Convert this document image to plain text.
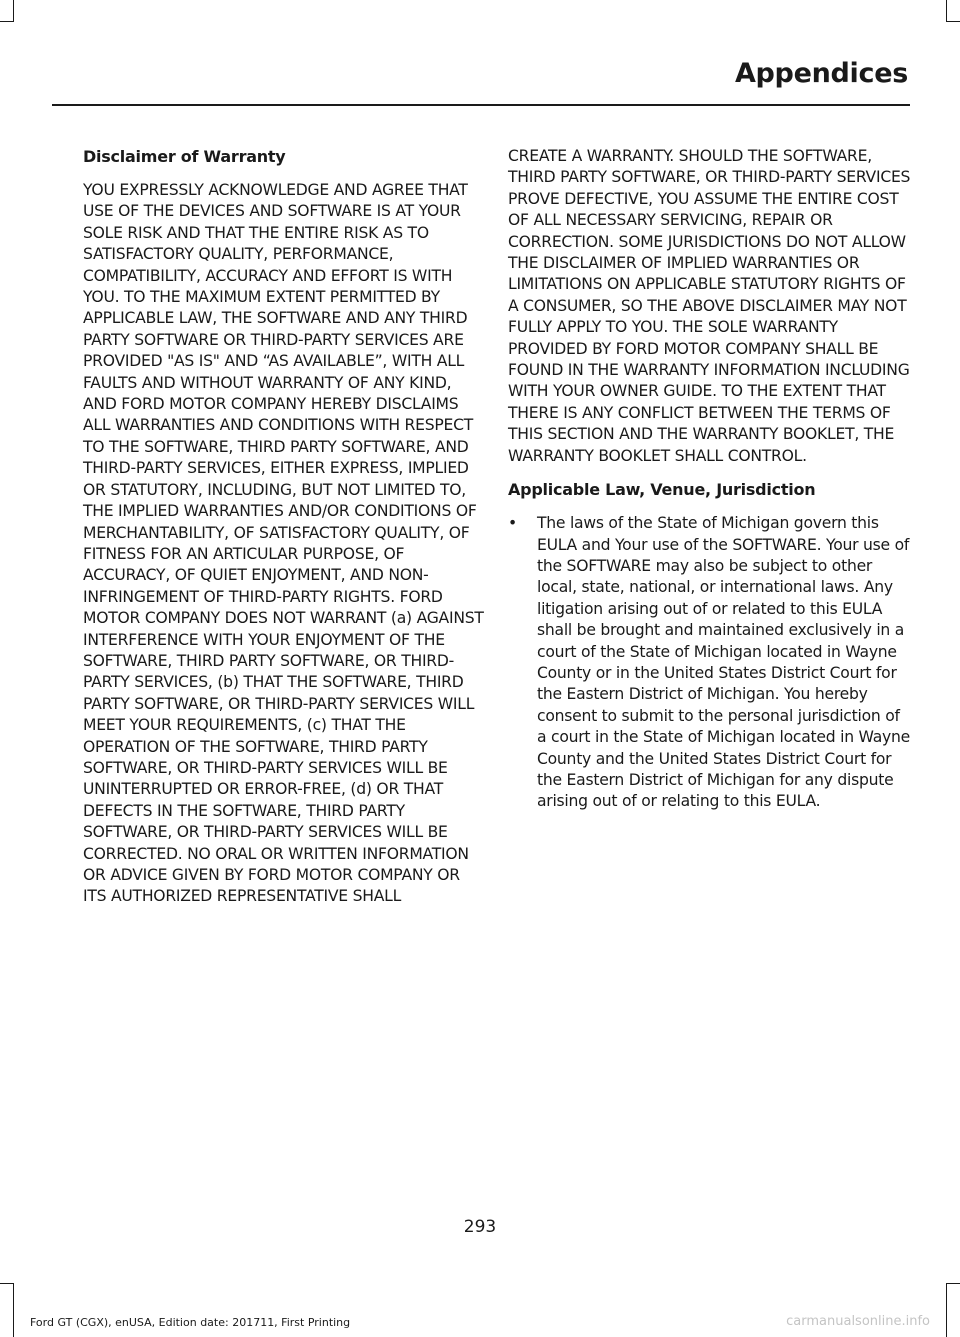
Appendices
Disclaimer of Warranty

YOU EXPRESSLY ACKNOWLEDGE AND AGREE THAT USE OF THE DEVICES AND SOFTWARE IS AT YOUR SOLE RISK AND THAT THE ENTIRE RISK AS TO SATISFACTORY QUALITY, PERFORMANCE, COMPATIBILITY, ACCURACY AND EFFORT IS WITH YOU. TO THE MAXIMUM EXTENT PERMITTED BY APPLICABLE LAW, THE SOFTWARE AND ANY THIRD PARTY SOFTWARE OR THIRD-PARTY SERVICES ARE PROVIDED "AS IS" AND “AS AVAILABLE”, WITH ALL FAULTS AND WITHOUT WARRANTY OF ANY KIND, AND FORD MOTOR COMPANY HEREBY DISCLAIMS ALL WARRANTIES AND CONDITIONS WITH RESPECT TO THE SOFTWARE, THIRD PARTY SOFTWARE, AND THIRD-PARTY SERVICES, EITHER EXPRESS, IMPLIED OR STATUTORY, INCLUDING, BUT NOT LIMITED TO, THE IMPLIED WARRANTIES AND/OR CONDITIONS OF MERCHANTABILITY, OF SATISFACTORY QUALITY, OF FITNESS FOR AN ARTICULAR PURPOSE, OF ACCURACY, OF QUIET ENJOYMENT, AND NON-INFRINGEMENT OF THIRD-PARTY RIGHTS. FORD MOTOR COMPANY DOES NOT WARRANT (a) AGAINST INTERFERENCE WITH YOUR ENJOYMENT OF THE SOFTWARE, THIRD PARTY SOFTWARE, OR THIRD-PARTY SERVICES, (b) THAT THE SOFTWARE, THIRD PARTY SOFTWARE, OR THIRD-PARTY SERVICES WILL MEET YOUR REQUIREMENTS, (c) THAT THE OPERATION OF THE SOFTWARE, THIRD PARTY SOFTWARE, OR THIRD-PARTY SERVICES WILL BE UNINTERRUPTED OR ERROR-FREE, (d) OR THAT DEFECTS IN THE SOFTWARE, THIRD PARTY SOFTWARE, OR THIRD-PARTY SERVICES WILL BE CORRECTED. NO ORAL OR WRITTEN INFORMATION OR ADVICE GIVEN BY FORD MOTOR COMPANY OR ITS AUTHORIZED REPRESENTATIVE SHALL

CREATE A WARRANTY. SHOULD THE SOFTWARE, THIRD PARTY SOFTWARE, OR THIRD-PARTY SERVICES PROVE DEFECTIVE, YOU ASSUME THE ENTIRE COST OF ALL NECESSARY SERVICING, REPAIR OR CORRECTION. SOME JURISDICTIONS DO NOT ALLOW THE DISCLAIMER OF IMPLIED WARRANTIES OR LIMITATIONS ON APPLICABLE STATUTORY RIGHTS OF A CONSUMER, SO THE ABOVE DISCLAIMER MAY NOT FULLY APPLY TO YOU. THE SOLE WARRANTY PROVIDED BY FORD MOTOR COMPANY SHALL BE FOUND IN THE WARRANTY INFORMATION INCLUDING WITH YOUR OWNER GUIDE. TO THE EXTENT THAT THERE IS ANY CONFLICT BETWEEN THE TERMS OF THIS SECTION AND THE WARRANTY BOOKLET, THE WARRANTY BOOKLET SHALL CONTROL.

Applicable Law, Venue, Jurisdiction
• The laws of the State of Michigan govern this EULA and Your use of the SOFTWARE. Your use of the SOFTWARE may also be subject to other local, state, national, or international laws. Any litigation arising out of or related to this EULA shall be brought and maintained exclusively in a court of the State of Michigan located in Wayne County or in the United States District Court for the Eastern District of Michigan. You hereby consent to submit to the personal jurisdiction of a court in the State of Michigan located in Wayne County and the United States District Court for the Eastern District of Michigan for any dispute arising out of or relating to this EULA.
293
Ford GT (CGX), enUSA, Edition date: 201711, First Printing	carmanualsonline.info
